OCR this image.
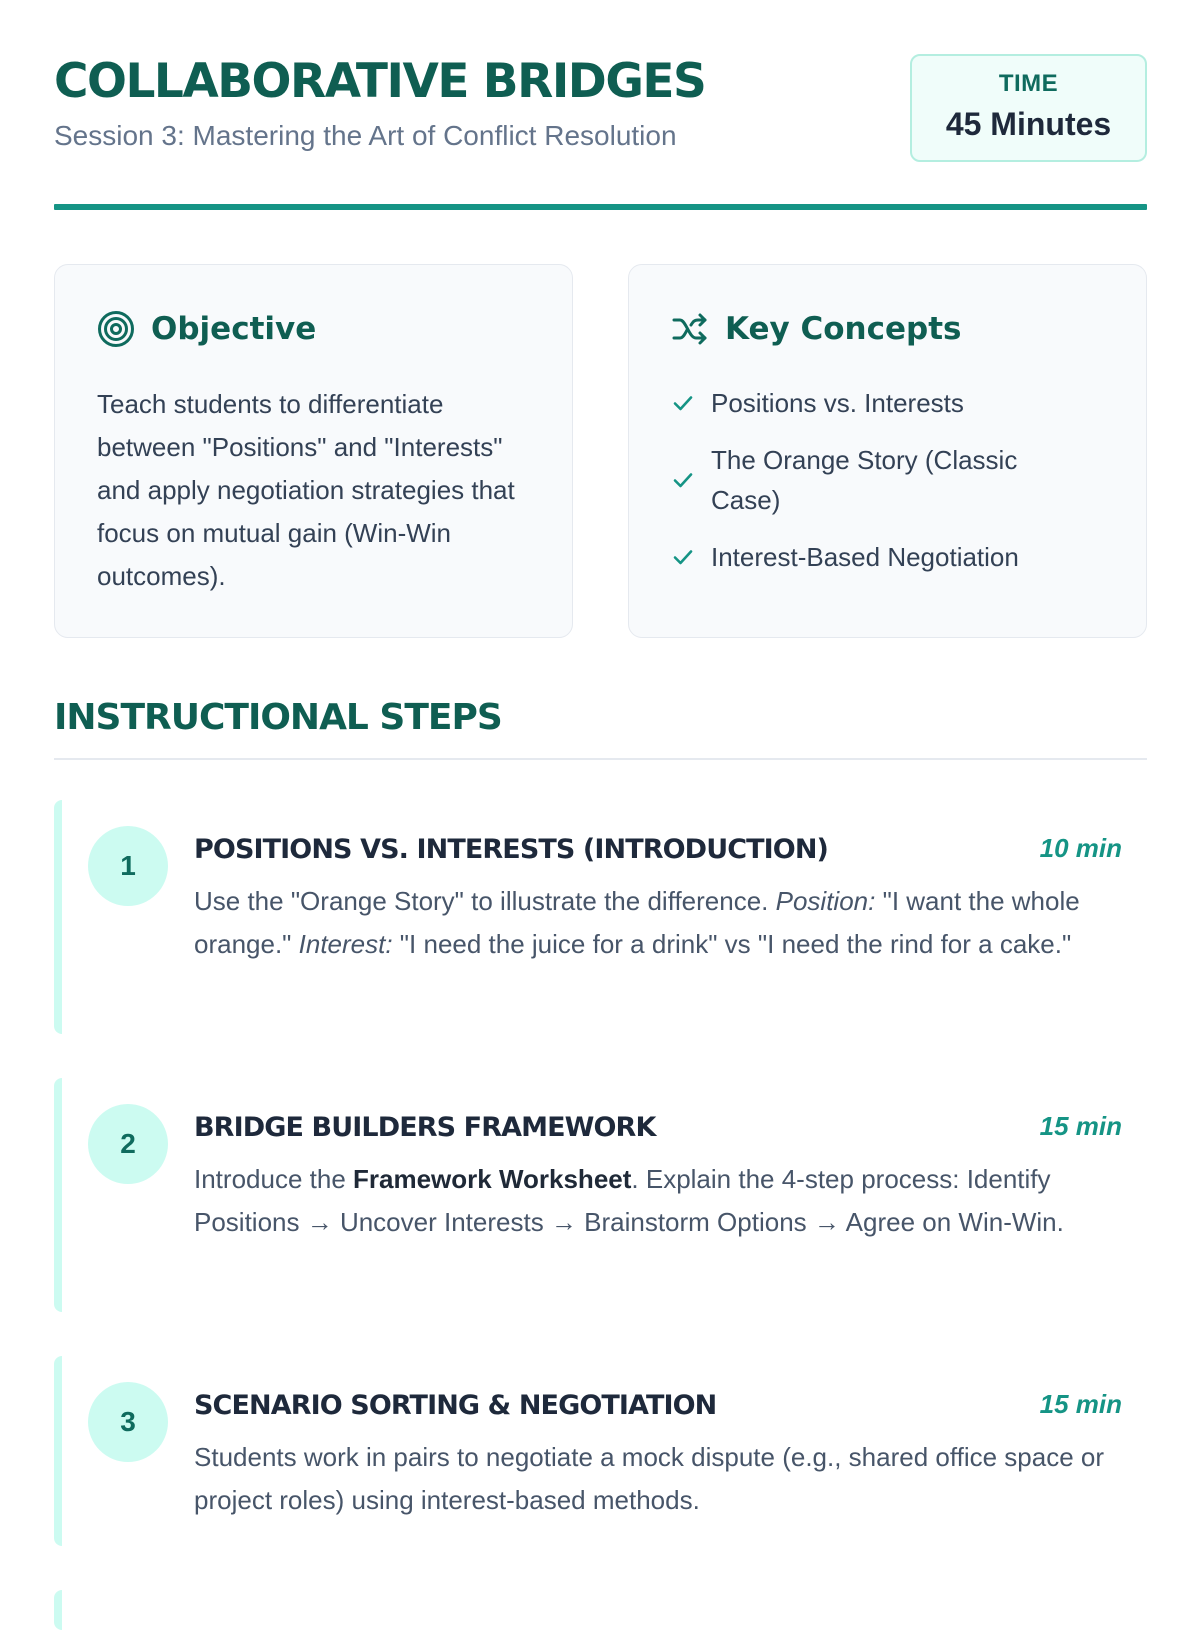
COLLABORATIVE BRIDGES
Session 3: Mastering the Art of Conflict Resolution
TIME
45 Minutes
Objective
Teach students to differentiate between "Positions" and "Interests" and apply negotiation strategies that focus on mutual gain (Win-Win outcomes).
Key Concepts
Positions vs. Interests
The Orange Story (Classic Case)
Interest-Based Negotiation
INSTRUCTIONAL STEPS
1
POSITIONS VS. INTERESTS (INTRODUCTION)	10 min
Use the "Orange Story" to illustrate the difference. Position: "I want the whole orange." Interest: "I need the juice for a drink" vs "I need the rind for a cake."
2
BRIDGE BUILDERS FRAMEWORK	15 min
Introduce the Framework Worksheet. Explain the 4-step process: Identify Positions → Uncover Interests → Brainstorm Options → Agree on Win-Win.
3
SCENARIO SORTING & NEGOTIATION	15 min
Students work in pairs to negotiate a mock dispute (e.g., shared office space or project roles) using interest-based methods.
